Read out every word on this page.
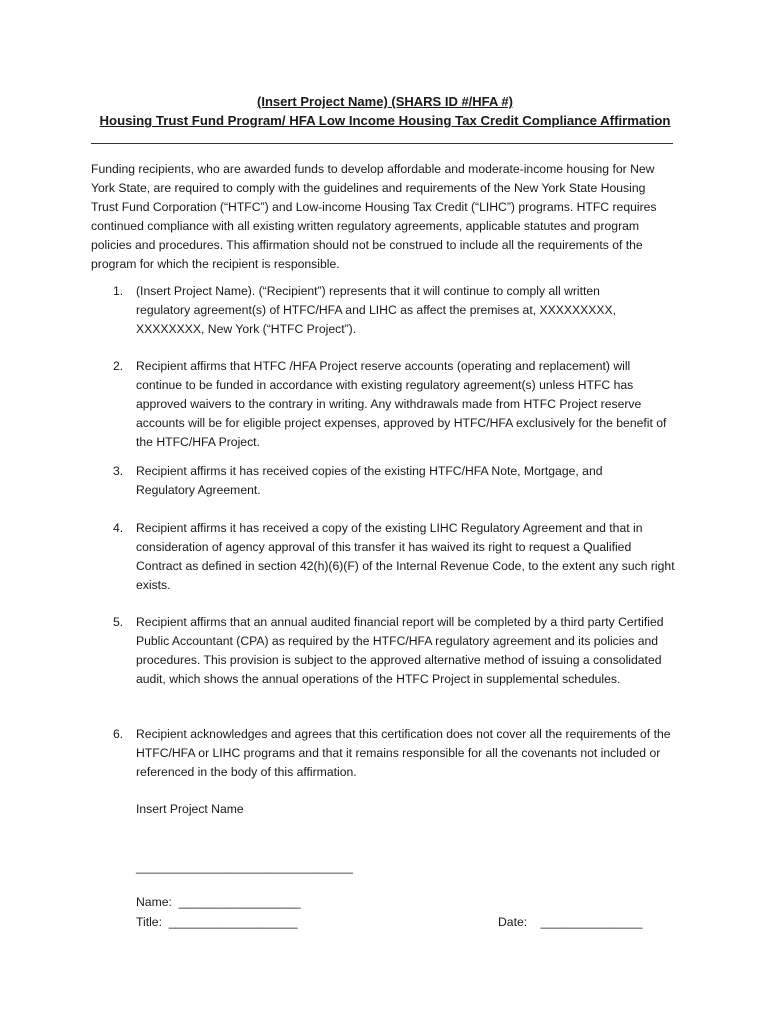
(Insert Project Name) (SHARS ID #/HFA #)
Housing Trust Fund Program/ HFA Low Income Housing Tax Credit Compliance Affirmation
Funding recipients, who are awarded funds to develop affordable and moderate-income housing for New York State, are required to comply with the guidelines and requirements of the New York State Housing Trust Fund Corporation (“HTFC”) and Low-income Housing Tax Credit (“LIHC”) programs. HTFC requires continued compliance with all existing written regulatory agreements, applicable statutes and program policies and procedures. This affirmation should not be construed to include all the requirements of the program for which the recipient is responsible.
1. (Insert Project Name). (“Recipient”) represents that it will continue to comply all written regulatory agreement(s) of HTFC/HFA and LIHC as affect the premises at, XXXXXXXXX, XXXXXXXX, New York (“HTFC Project”).
2. Recipient affirms that HTFC /HFA Project reserve accounts (operating and replacement) will continue to be funded in accordance with existing regulatory agreement(s) unless HTFC has approved waivers to the contrary in writing. Any withdrawals made from HTFC Project reserve accounts will be for eligible project expenses, approved by HTFC/HFA exclusively for the benefit of the HTFC/HFA Project.
3. Recipient affirms it has received copies of the existing HTFC/HFA Note, Mortgage, and Regulatory Agreement.
4. Recipient affirms it has received a copy of the existing LIHC Regulatory Agreement and that in consideration of agency approval of this transfer it has waived its right to request a Qualified Contract as defined in section 42(h)(6)(F) of the Internal Revenue Code, to the extent any such right exists.
5. Recipient affirms that an annual audited financial report will be completed by a third party Certified Public Accountant (CPA) as required by the HTFC/HFA regulatory agreement and its policies and procedures. This provision is subject to the approved alternative method of issuing a consolidated audit, which shows the annual operations of the HTFC Project in supplemental schedules.
6. Recipient acknowledges and agrees that this certification does not cover all the requirements of the HTFC/HFA or LIHC programs and that it remains responsible for all the covenants not included or referenced in the body of this affirmation.
Insert Project Name
________________________________
Name:  __________________
Title:  ___________________	Date:    _______________
